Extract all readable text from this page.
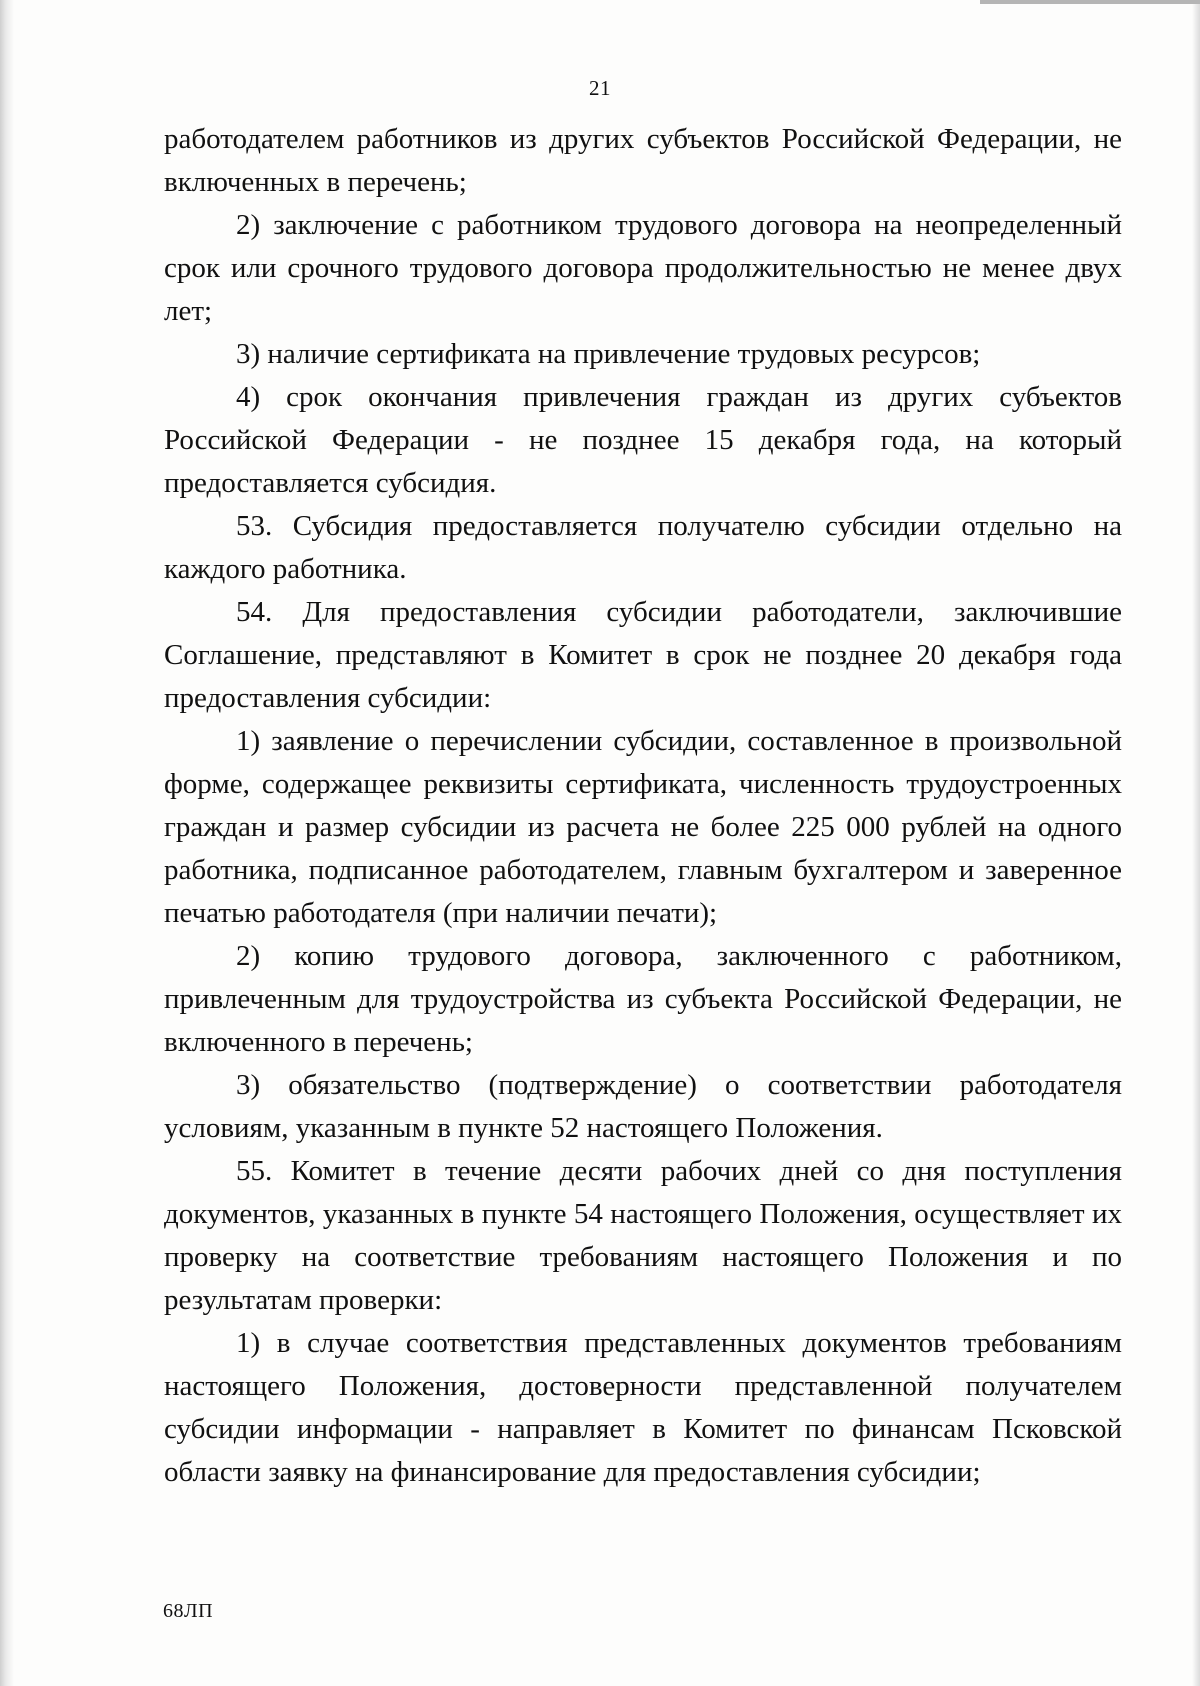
21

работодателем работников из других субъектов Российской Федерации, не включенных в перечень;

2) заключение с работником трудового договора на неопределенный срок или срочного трудового договора продолжительностью не менее двух лет;

3) наличие сертификата на привлечение трудовых ресурсов;

4) срок окончания привлечения граждан из других субъектов Российской Федерации - не позднее 15 декабря года, на который предоставляется субсидия.

53. Субсидия предоставляется получателю субсидии отдельно на каждого работника.

54. Для предоставления субсидии работодатели, заключившие Соглашение, представляют в Комитет в срок не позднее 20 декабря года предоставления субсидии:

1) заявление о перечислении субсидии, составленное в произвольной форме, содержащее реквизиты сертификата, численность трудоустроенных граждан и размер субсидии из расчета не более 225 000 рублей на одного работника, подписанное работодателем, главным бухгалтером и заверенное печатью работодателя (при наличии печати);

2) копию трудового договора, заключенного с работником, привлеченным для трудоустройства из субъекта Российской Федерации, не включенного в перечень;

3) обязательство (подтверждение) о соответствии работодателя условиям, указанным в пункте 52 настоящего Положения.

55. Комитет в течение десяти рабочих дней со дня поступления документов, указанных в пункте 54 настоящего Положения, осуществляет их проверку на соответствие требованиям настоящего Положения и по результатам проверки:

1) в случае соответствия представленных документов требованиям настоящего Положения, достоверности представленной получателем субсидии информации - направляет в Комитет по финансам Псковской области заявку на финансирование для предоставления субсидии;

68ЛП
